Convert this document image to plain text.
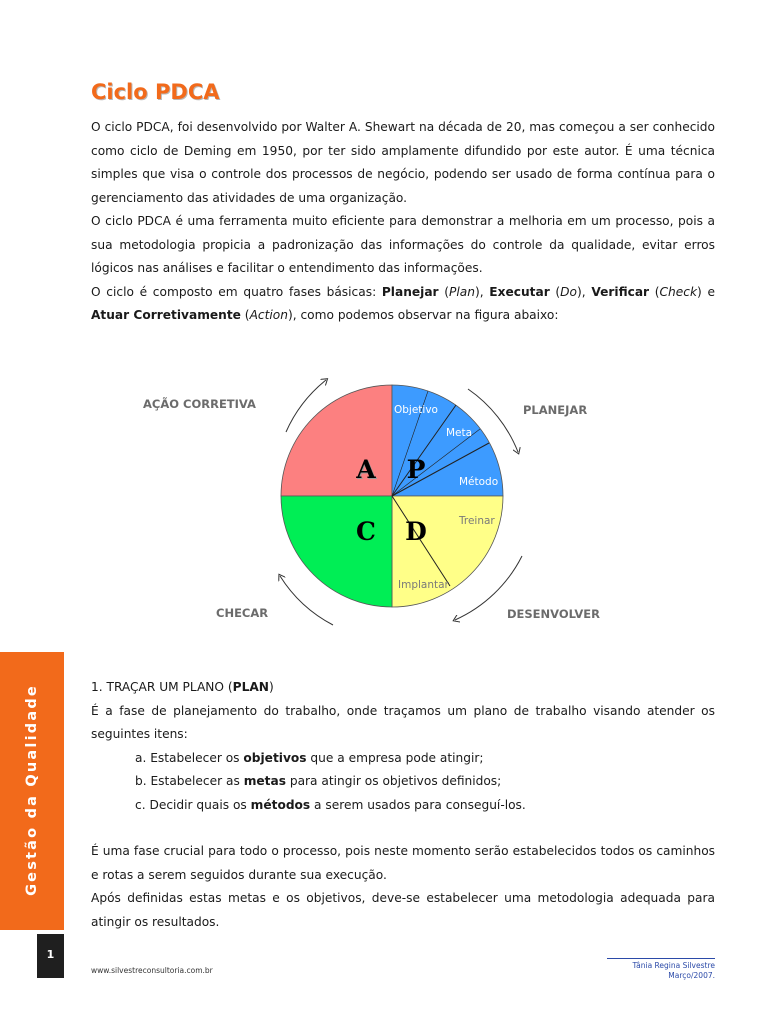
Ciclo PDCA

O ciclo PDCA, foi desenvolvido por Walter A. Shewart na década de 20, mas começou a ser conhecido como ciclo de Deming em 1950, por ter sido amplamente difundido por este autor. É uma técnica simples que visa o controle dos processos de negócio, podendo ser usado de forma contínua para o gerenciamento das atividades de uma organização.

O ciclo PDCA é uma ferramenta muito eficiente para demonstrar a melhoria em um processo, pois a sua metodologia propicia a padronização das informações do controle da qualidade, evitar erros lógicos nas análises e facilitar o entendimento das informações.

O ciclo é composto em quatro fases básicas: Planejar (Plan), Executar (Do), Verificar (Check) e Atuar Corretivamente (Action), como podemos observar na figura abaixo:

A P
C D
Objetivo
Meta
Método
Treinar
Implantar
AÇÃO CORRETIVA	PLANEJAR
CHECAR	DESENVOLVER

1. TRAÇAR UM PLANO (PLAN)

É a fase de planejamento do trabalho, onde traçamos um plano de trabalho visando atender os seguintes itens:

a. Estabelecer os objetivos que a empresa pode atingir;

b. Estabelecer as metas para atingir os objetivos definidos;

c. Decidir quais os métodos a serem usados para conseguí-los.

É uma fase crucial para todo o processo, pois neste momento serão estabelecidos todos os caminhos e rotas a serem seguidos durante sua execução.

Após definidas estas metas e os objetivos, deve-se estabelecer uma metodologia adequada para atingir os resultados.

Gestão da Qualidade
1
www.silvestreconsultoria.com.br
Tânia Regina Silvestre
Março/2007.
